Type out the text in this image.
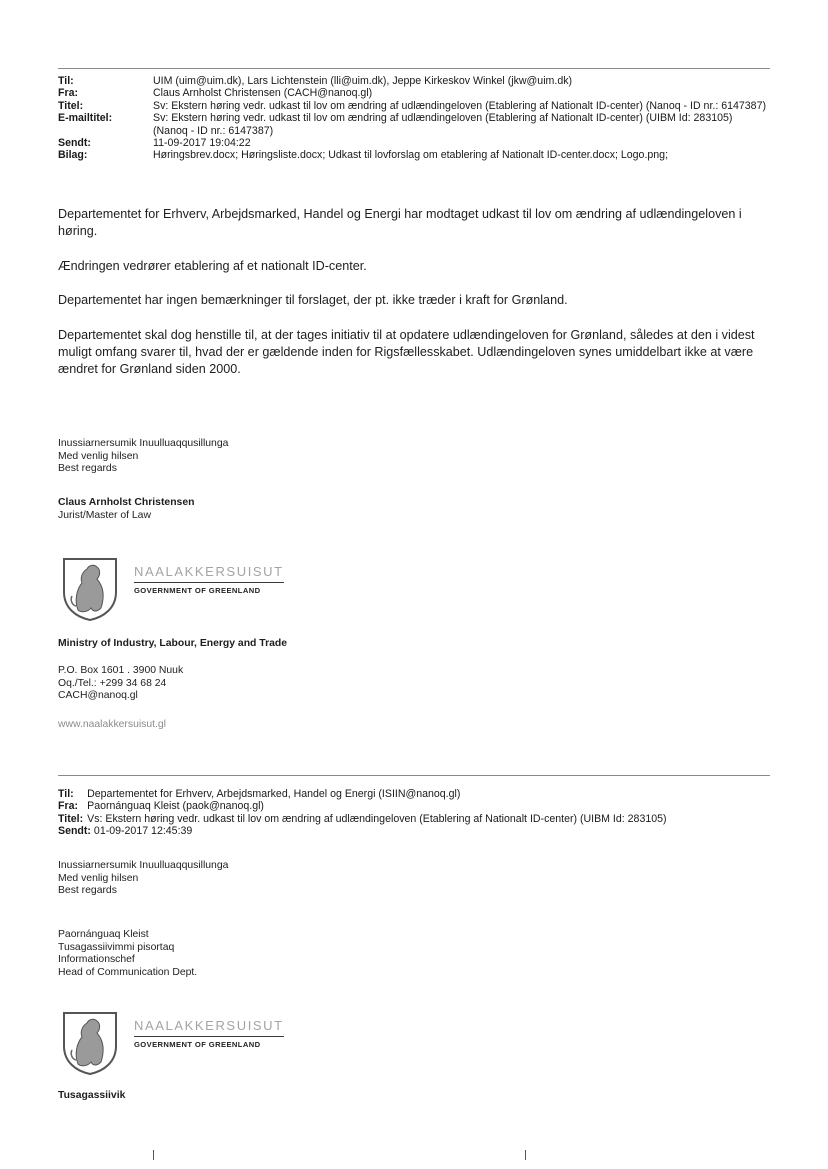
Til:	UIM (uim@uim.dk), Lars Lichtenstein (lli@uim.dk), Jeppe Kirkeskov Winkel (jkw@uim.dk)
Fra:	Claus Arnholst Christensen (CACH@nanoq.gl)
Titel:	Sv: Ekstern høring vedr. udkast til lov om ændring af udlændingeloven (Etablering af Nationalt ID-center) (Nanoq - ID nr.: 6147387)
E-mailtitel:	Sv: Ekstern høring vedr. udkast til lov om ændring af udlændingeloven (Etablering af Nationalt ID-center) (UIBM Id: 283105) (Nanoq - ID nr.: 6147387)
Sendt:	11-09-2017 19:04:22
Bilag:	Høringsbrev.docx; Høringsliste.docx; Udkast til lovforslag om etablering af Nationalt ID-center.docx; Logo.png;

Departementet for Erhverv, Arbejdsmarked, Handel og Energi har modtaget udkast til lov om ændring af udlændingeloven i høring.

Ændringen vedrører etablering af et nationalt ID-center.

Departementet har ingen bemærkninger til forslaget, der pt. ikke træder i kraft for Grønland.

Departementet skal dog henstille til, at der tages initiativ til at opdatere udlændingeloven for Grønland, således at den i videst muligt omfang svarer til, hvad der er gældende inden for Rigsfællesskabet. Udlændingeloven synes umiddelbart ikke at være ændret for Grønland siden 2000.

Inussiarnersumik Inuulluaqqusillunga
Med venlig hilsen
Best regards
Claus Arnholst Christensen
Jurist/Master of Law
NAALAKKERSUISUT
GOVERNMENT OF GREENLAND
Ministry of Industry, Labour, Energy and Trade
P.O. Box 1601 . 3900 Nuuk
Oq./Tel.: +299 34 68 24
CACH@nanoq.gl
www.naalakkersuisut.gl
Til:	Departementet for Erhverv, Arbejdsmarked, Handel og Energi (ISIIN@nanoq.gl)
Fra:	Paornánguaq Kleist (paok@nanoq.gl)
Titel:	Vs: Ekstern høring vedr. udkast til lov om ændring af udlændingeloven (Etablering af Nationalt ID-center) (UIBM Id: 283105)
Sendt: 01-09-2017 12:45:39	
Inussiarnersumik Inuulluaqqusillunga
Med venlig hilsen
Best regards
Paornánguaq Kleist
Tusagassiivimmi pisortaq
Informationschef
Head of Communication Dept.
NAALAKKERSUISUT
GOVERNMENT OF GREENLAND
Tusagassiivik
